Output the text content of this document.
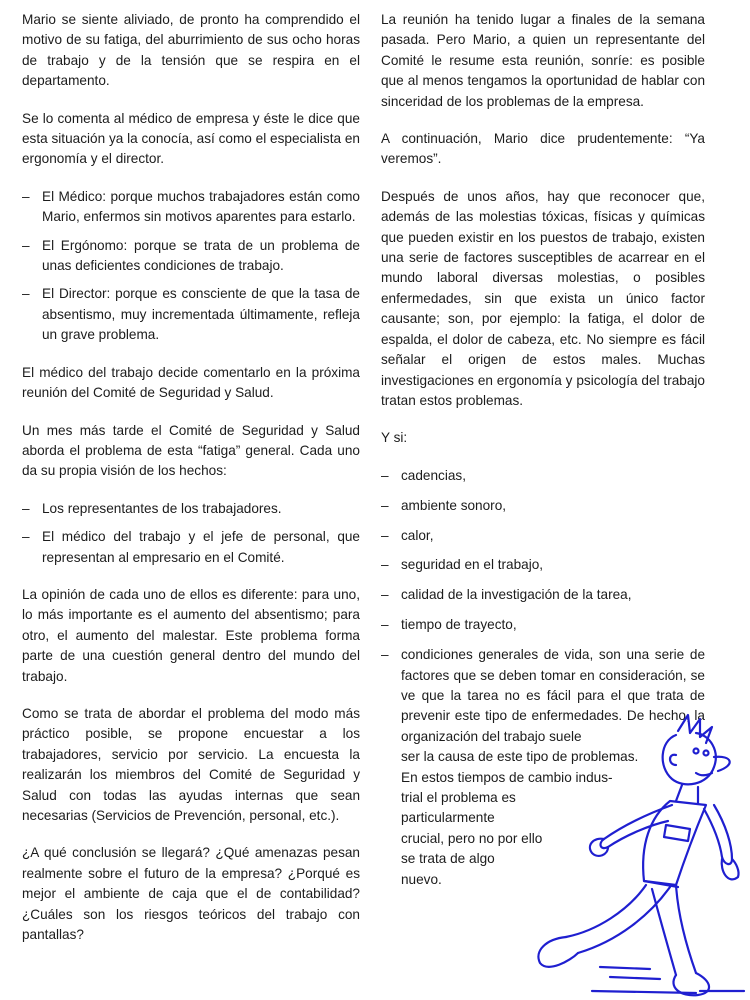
Mario se siente aliviado, de pronto ha comprendido el motivo de su fatiga, del aburrimiento de sus ocho horas de trabajo y de la tensión que se respira en el departamento.

Se lo comenta al médico de empresa y éste le dice que esta situación ya la conocía, así como el especialista en ergonomía y el director.

– El Médico: porque muchos trabajadores están como Mario, enfermos sin motivos aparentes para estarlo.
– El Ergónomo: porque se trata de un problema de unas deficientes condiciones de trabajo.
– El Director: porque es consciente de que la tasa de absentismo, muy incrementada últimamente, refleja un grave problema.

El médico del trabajo decide comentarlo en la próxima reunión del Comité de Seguridad y Salud.

Un mes más tarde el Comité de Seguridad y Salud aborda el problema de esta “fatiga” general. Cada uno da su propia visión de los hechos:

– Los representantes de los trabajadores.
– El médico del trabajo y el jefe de personal, que representan al empresario en el Comité.

La opinión de cada uno de ellos es diferente: para uno, lo más importante es el aumento del absentismo; para otro, el aumento del malestar. Este problema forma parte de una cuestión general dentro del mundo del trabajo.

Como se trata de abordar el problema del modo más práctico posible, se propone encuestar a los trabajadores, servicio por servicio. La encuesta la realizarán los miembros del Comité de Seguridad y Salud con todas las ayudas internas que sean necesarias (Servicios de Prevención, personal, etc.).

¿A qué conclusión se llegará? ¿Qué amenazas pesan realmente sobre el futuro de la empresa? ¿Porqué es mejor el ambiente de caja que el de contabilidad? ¿Cuáles son los riesgos teóricos del trabajo con pantallas?

La reunión ha tenido lugar a finales de la semana pasada. Pero Mario, a quien un representante del Comité le resume esta reunión, sonríe: es posible que al menos tengamos la oportunidad de hablar con sinceridad de los problemas de la empresa.

A continuación, Mario dice prudentemente: “Ya veremos”.

Después de unos años, hay que reconocer que, además de las molestias tóxicas, físicas y químicas que pueden existir en los puestos de trabajo, existen una serie de factores susceptibles de acarrear en el mundo laboral diversas molestias, o posibles enfermedades, sin que exista un único factor causante; son, por ejemplo: la fatiga, el dolor de espalda, el dolor de cabeza, etc. No siempre es fácil señalar el origen de estos males. Muchas investigaciones en ergonomía y psicología del trabajo tratan estos problemas.

Y si:

– cadencias,
– ambiente sonoro,
– calor,
– seguridad en el trabajo,
– calidad de la investigación de la tarea,
– tiempo de trayecto,
– condiciones generales de vida, son una serie de factores que se deben tomar en consideración, se ve que la tarea no es fácil para el que trata de prevenir este tipo de enfermedades. De hecho, la organización del trabajo suele
ser la causa de este tipo de problemas.
En estos tiempos de cambio indus-
trial el problema es
particularmente
crucial, pero no por ello
se trata de algo
nuevo.
